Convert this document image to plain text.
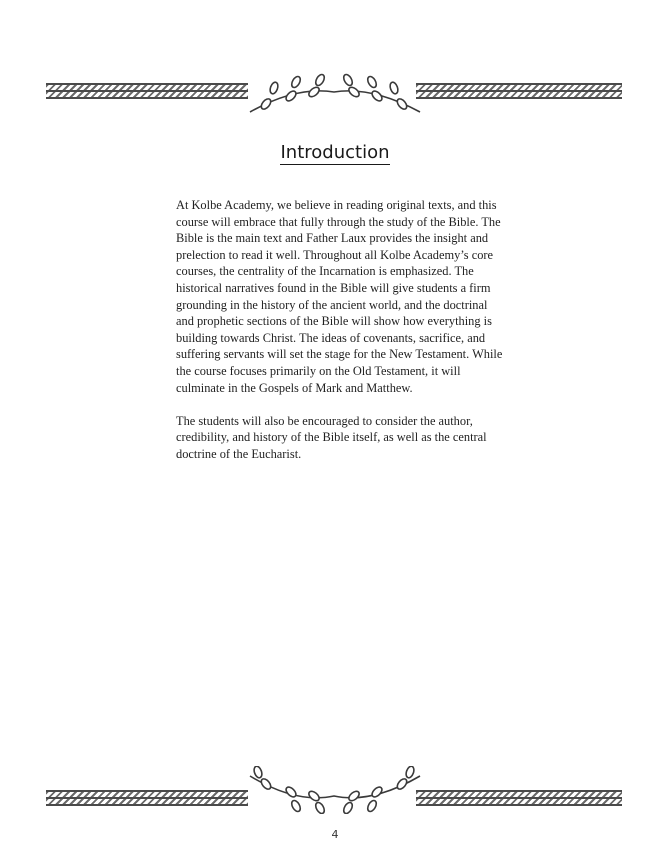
Introduction

At Kolbe Academy, we believe in reading original texts, and this course will embrace that fully through the study of the Bible. The Bible is the main text and Father Laux provides the insight and prelection to read it well. Throughout all Kolbe Academy’s core courses, the centrality of the Incarnation is emphasized. The historical narratives found in the Bible will give students a firm grounding in the history of the ancient world, and the doctrinal and prophetic sections of the Bible will show how everything is building towards Christ. The ideas of covenants, sacrifice, and suffering servants will set the stage for the New Testament. While the course focuses primarily on the Old Testament, it will culminate in the Gospels of Mark and Matthew.

The students will also be encouraged to consider the author, credibility, and history of the Bible itself, as well as the central doctrine of the Eucharist.

4
